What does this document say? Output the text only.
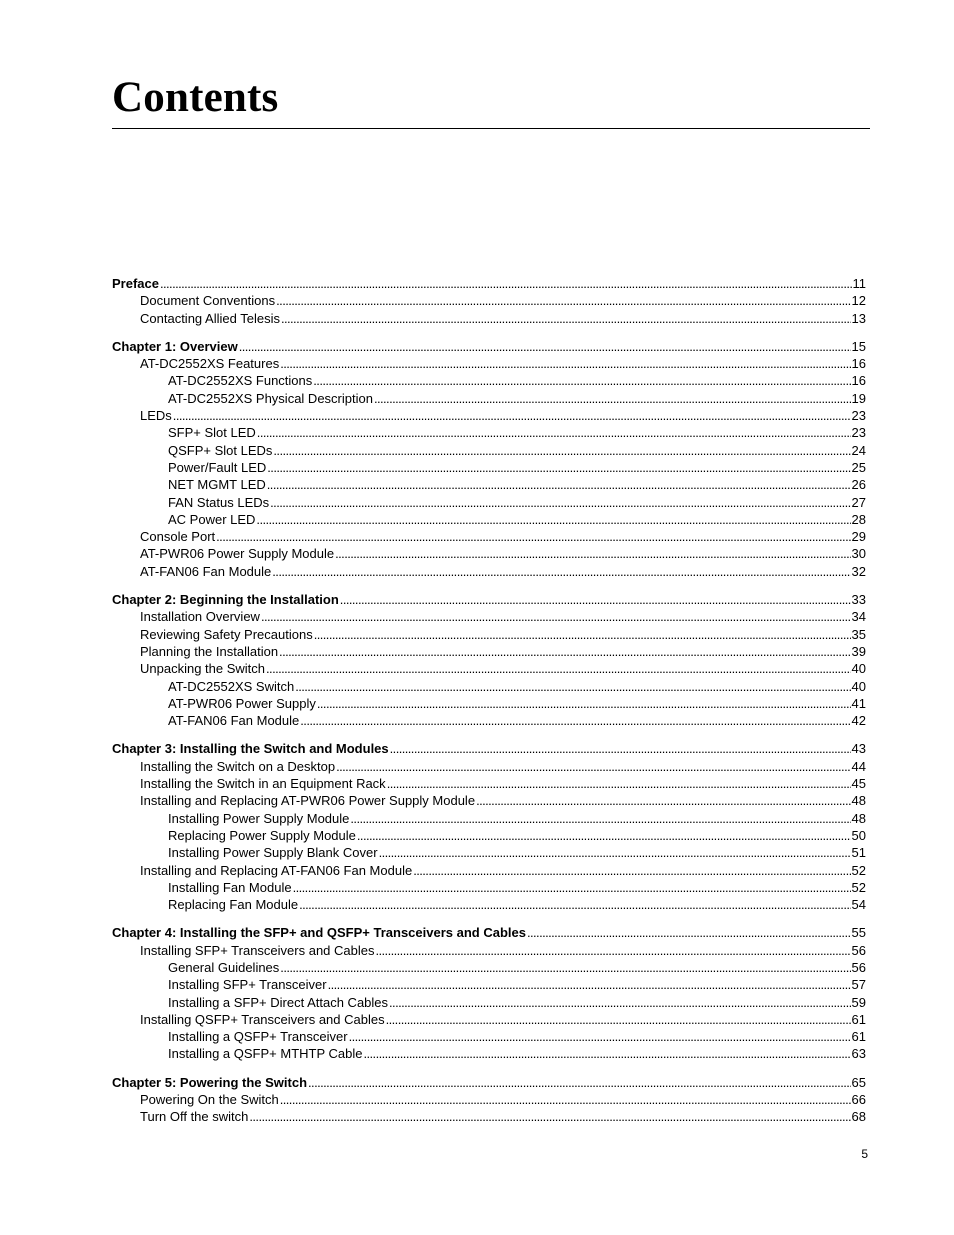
Contents
Preface . . .	11
Document Conventions . . .	12
Contacting Allied Telesis . . .	13
Chapter 1: Overview . . .	15
AT-DC2552XS Features . . .	16
AT-DC2552XS Functions . . .	16
AT-DC2552XS Physical Description . . .	19
LEDs . . .	23
SFP+ Slot LED . . .	23
QSFP+ Slot LEDs . . .	24
Power/Fault LED . . .	25
NET MGMT LED . . .	26
FAN Status LEDs . . .	27
AC Power LED . . .	28
Console Port . . .	29
AT-PWR06 Power Supply Module . . .	30
AT-FAN06 Fan Module . . .	32
Chapter 2: Beginning the Installation . . .	33
Installation Overview . . .	34
Reviewing Safety Precautions . . .	35
Planning the Installation . . .	39
Unpacking the Switch . . .	40
AT-DC2552XS Switch . . .	40
AT-PWR06 Power Supply . . .	41
AT-FAN06 Fan Module . . .	42
Chapter 3: Installing the Switch and Modules . . .	43
Installing the Switch on a Desktop . . .	44
Installing the Switch in an Equipment Rack . . .	45
Installing and Replacing AT-PWR06 Power Supply Module . . .	48
Installing Power Supply Module . . .	48
Replacing Power Supply Module . . .	50
Installing Power Supply Blank Cover . . .	51
Installing and Replacing AT-FAN06 Fan Module . . .	52
Installing Fan Module . . .	52
Replacing Fan Module . . .	54
Chapter 4: Installing the SFP+ and QSFP+ Transceivers and Cables . . .	55
Installing SFP+ Transceivers and Cables . . .	56
General Guidelines . . .	56
Installing SFP+ Transceiver . . .	57
Installing a SFP+ Direct Attach Cables . . .	59
Installing QSFP+ Transceivers and Cables . . .	61
Installing a QSFP+ Transceiver . . .	61
Installing a QSFP+ MTHTP Cable . . .	63
Chapter 5: Powering the Switch . . .	65
Powering On the Switch . . .	66
Turn Off the switch . . .	68
5
